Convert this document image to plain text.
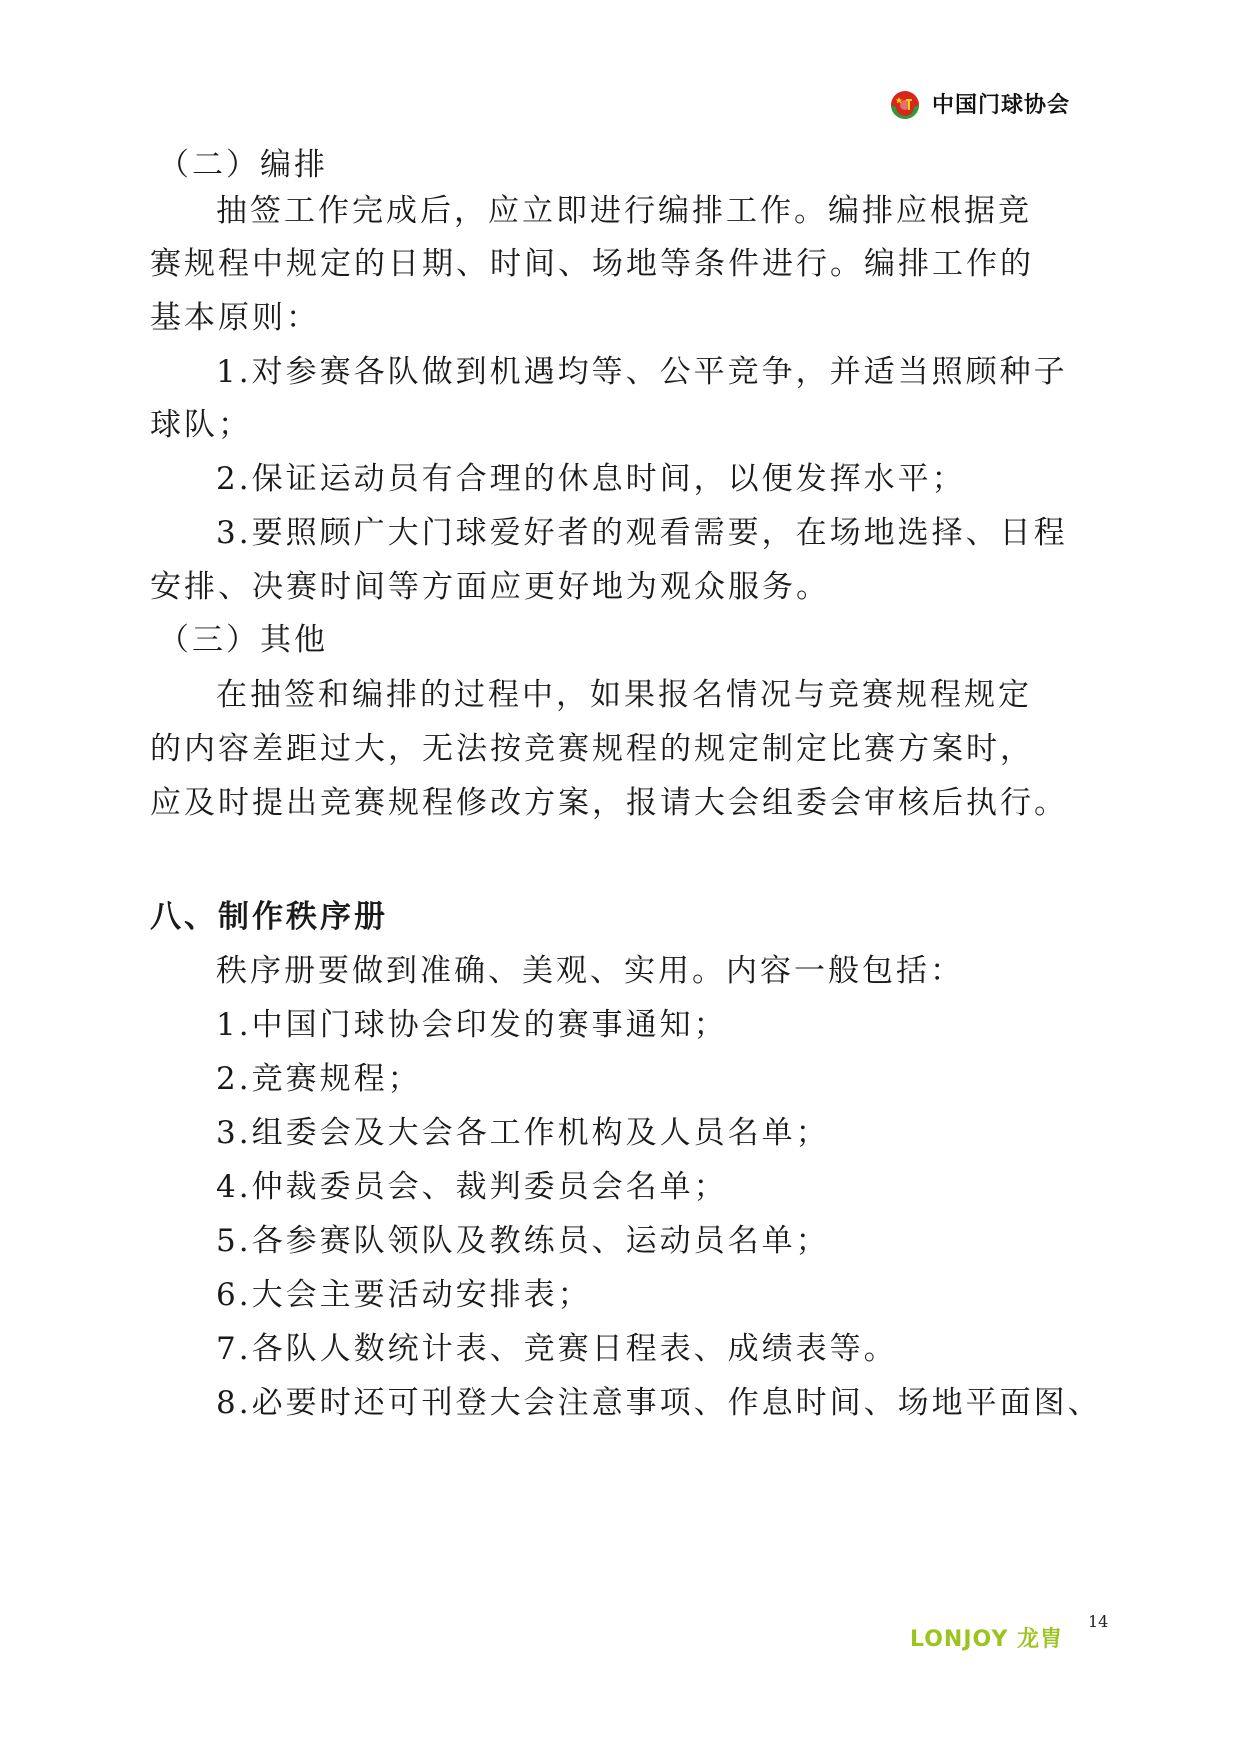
中国门球协会
（二）编排
抽签工作完成后，应立即进行编排工作。编排应根据竞
赛规程中规定的日期、时间、场地等条件进行。编排工作的
基本原则：
1.对参赛各队做到机遇均等、公平竞争，并适当照顾种子
球队；
2.保证运动员有合理的休息时间，以便发挥水平；
3.要照顾广大门球爱好者的观看需要，在场地选择、日程
安排、决赛时间等方面应更好地为观众服务。
（三）其他
在抽签和编排的过程中，如果报名情况与竞赛规程规定
的内容差距过大，无法按竞赛规程的规定制定比赛方案时，
应及时提出竞赛规程修改方案，报请大会组委会审核后执行。
八、制作秩序册
秩序册要做到准确、美观、实用。内容一般包括：
1.中国门球协会印发的赛事通知；
2.竞赛规程；
3.组委会及大会各工作机构及人员名单；
4.仲裁委员会、裁判委员会名单；
5.各参赛队领队及教练员、运动员名单；
6.大会主要活动安排表；
7.各队人数统计表、竞赛日程表、成绩表等。
8.必要时还可刊登大会注意事项、作息时间、场地平面图、
14
LONJOY 龙胄
